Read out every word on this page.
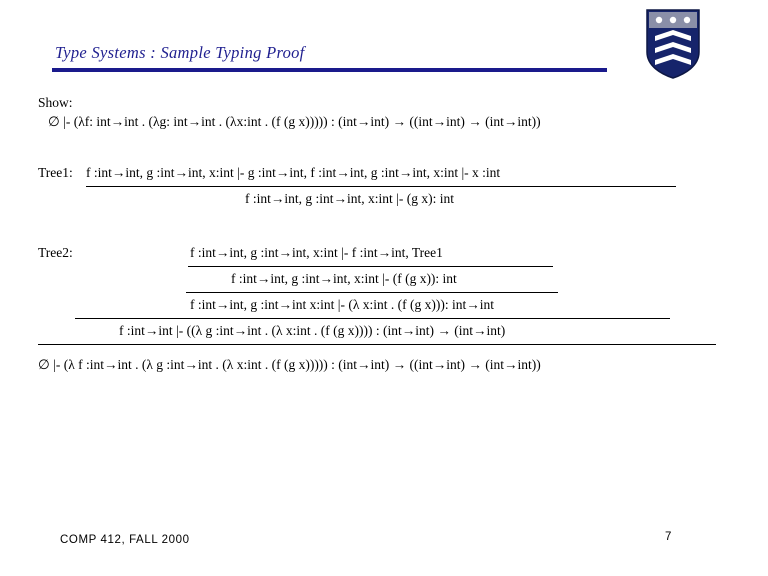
Type Systems : Sample Typing Proof
Show:
∅ |- (λf: int→int . (λg: int→int . (λx:int . (f (g x))))) : (int→int) → ((int→int) → (int→int))
Tree1: f :int→int, g :int→int, x:int |- g :int→int, f :int→int, g :int→int, x:int |- x :int
f :int→int, g :int→int, x:int |- (g x): int
Tree2:	f :int→int, g :int→int, x:int |- f :int→int, Tree1
f :int→int, g :int→int, x:int |- (f (g x)): int
f :int→int, g :int→int x:int |- (λ x:int . (f (g x))): int→int
f :int→int |- ((λ g :int→int . (λ x:int . (f (g x)))) : (int→int) → (int→int)
∅ |- (λ f :int→int . (λ g :int→int . (λ x:int . (f (g x))))) : (int→int) → ((int→int) → (int→int))
COMP 412, FALL 2000	7
